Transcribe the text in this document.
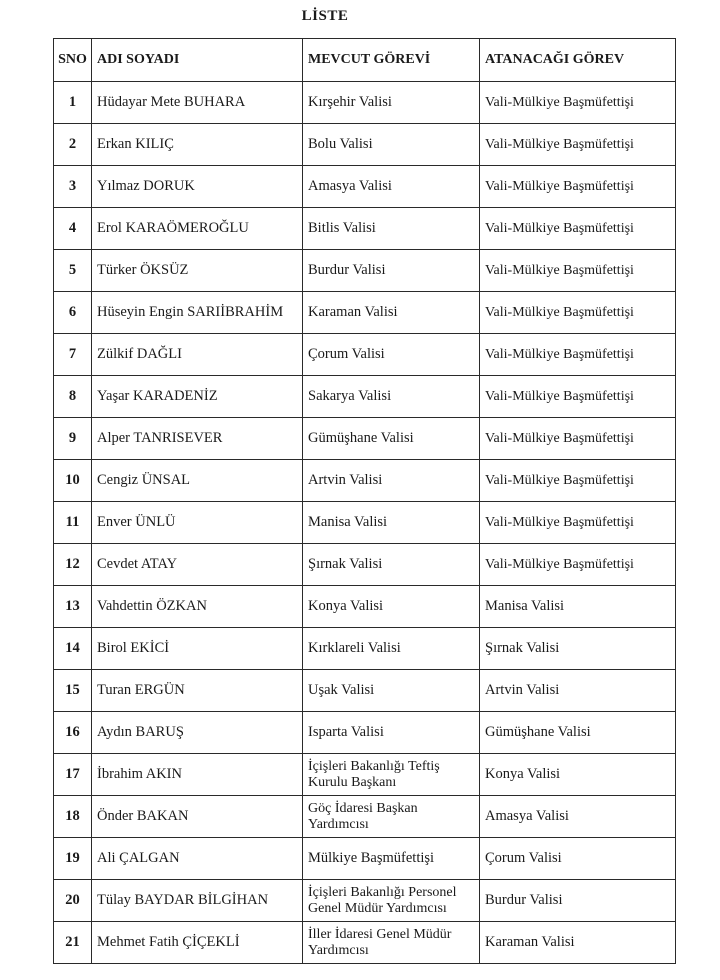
LİSTE
SNO	ADI SOYADI	MEVCUT GÖREVİ	ATANACAĞI GÖREV
1	Hüdayar Mete BUHARA	Kırşehir Valisi	Vali-Mülkiye Başmüfettişi
2	Erkan KILIÇ	Bolu Valisi	Vali-Mülkiye Başmüfettişi
3	Yılmaz DORUK	Amasya Valisi	Vali-Mülkiye Başmüfettişi
4	Erol KARAÖMEROĞLU	Bitlis Valisi	Vali-Mülkiye Başmüfettişi
5	Türker ÖKSÜZ	Burdur Valisi	Vali-Mülkiye Başmüfettişi
6	Hüseyin Engin SARIİBRAHİM	Karaman Valisi	Vali-Mülkiye Başmüfettişi
7	Zülkif DAĞLI	Çorum Valisi	Vali-Mülkiye Başmüfettişi
8	Yaşar KARADENİZ	Sakarya Valisi	Vali-Mülkiye Başmüfettişi
9	Alper TANRISEVER	Gümüşhane Valisi	Vali-Mülkiye Başmüfettişi
10	Cengiz ÜNSAL	Artvin Valisi	Vali-Mülkiye Başmüfettişi
11	Enver ÜNLÜ	Manisa Valisi	Vali-Mülkiye Başmüfettişi
12	Cevdet ATAY	Şırnak Valisi	Vali-Mülkiye Başmüfettişi
13	Vahdettin ÖZKAN	Konya Valisi	Manisa Valisi
14	Birol EKİCİ	Kırklareli Valisi	Şırnak Valisi
15	Turan ERGÜN	Uşak Valisi	Artvin Valisi
16	Aydın BARUŞ	Isparta Valisi	Gümüşhane Valisi
17	İbrahim AKIN	İçişleri Bakanlığı Teftiş Kurulu Başkanı	Konya Valisi
18	Önder BAKAN	Göç İdaresi Başkan Yardımcısı	Amasya Valisi
19	Ali ÇALGAN	Mülkiye Başmüfettişi	Çorum Valisi
20	Tülay BAYDAR BİLGİHAN	İçişleri Bakanlığı Personel Genel Müdür Yardımcısı	Burdur Valisi
21	Mehmet Fatih ÇİÇEKLİ	İller İdaresi Genel Müdür Yardımcısı	Karaman Valisi
